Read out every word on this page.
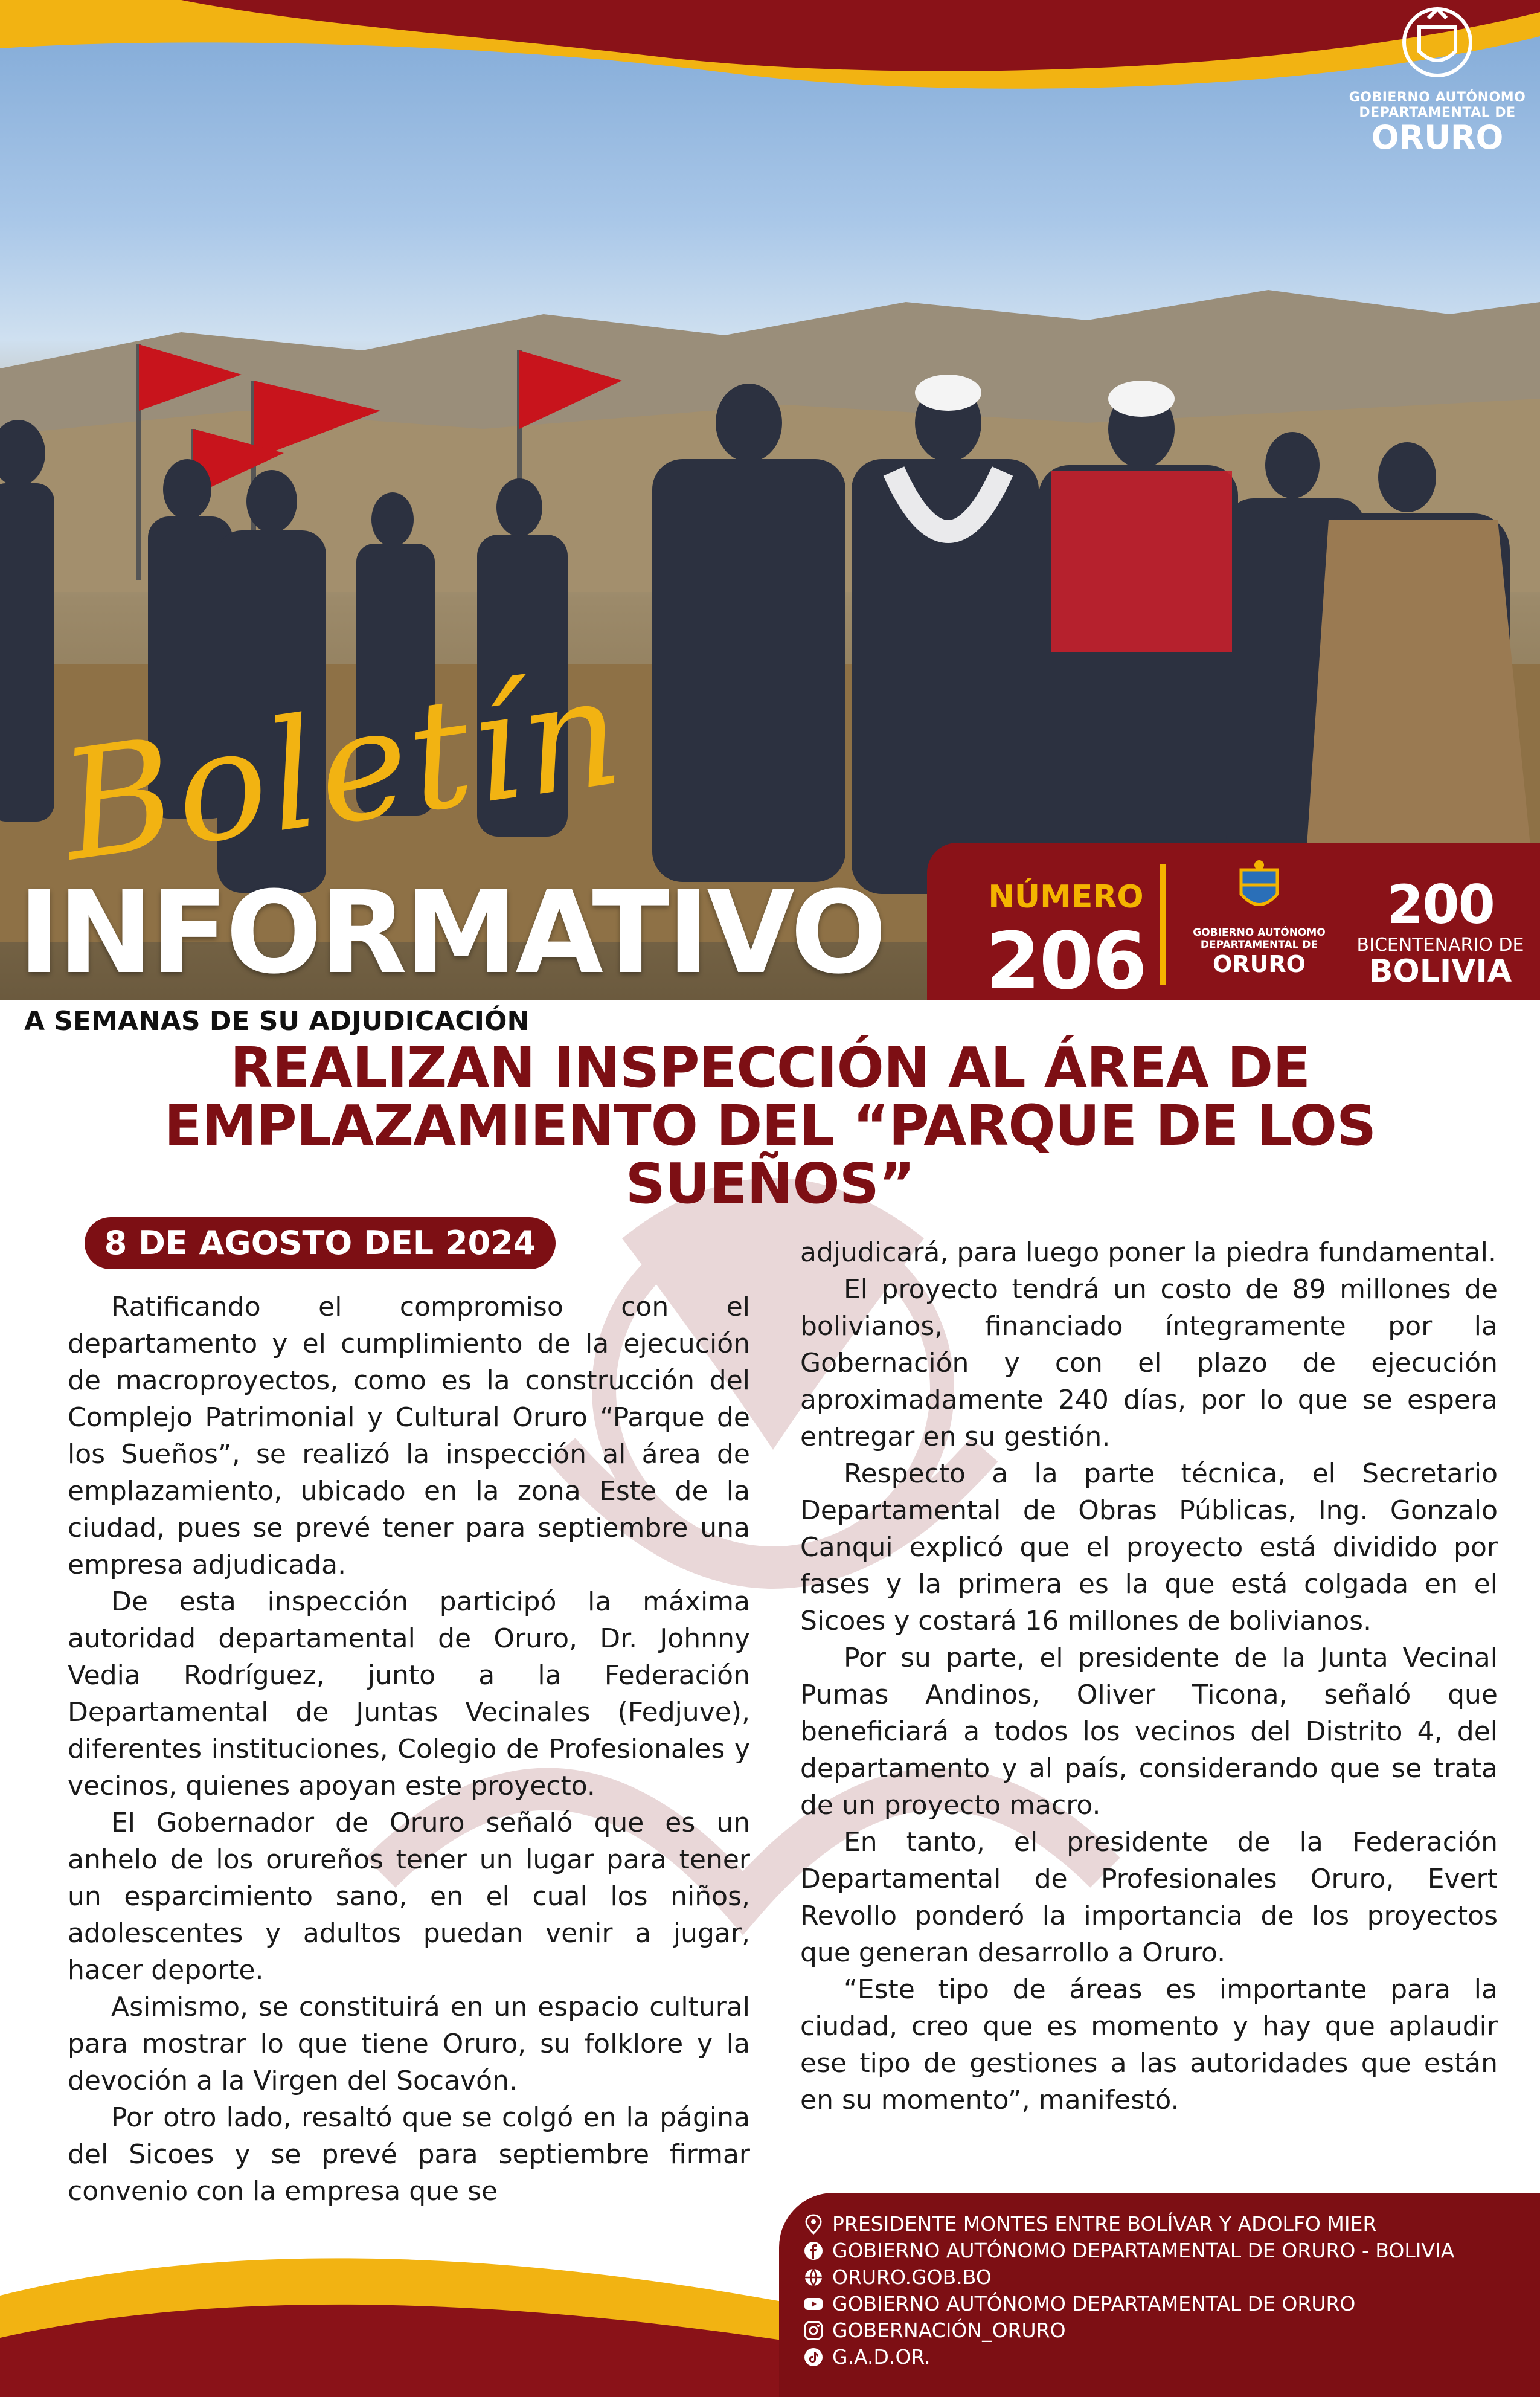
GOBIERNO AUTÓNOMO
DEPARTAMENTAL DE
ORURO
Boletín
INFORMATIVO	NÚMERO
206	GOBIERNO AUTÓNOMO
DEPARTAMENTAL DE
ORURO
200
BICENTENARIO DE
BOLIVIA
A SEMANAS DE SU ADJUDICACIÓN
REALIZAN INSPECCIÓN AL ÁREA DE EMPLAZAMIENTO DEL “PARQUE DE LOS SUEÑOS”
8 DE AGOSTO DEL 2024

Ratificando el compromiso con el departamento y el cumplimiento de la ejecución de macroproyectos, como es la construcción del Complejo Patrimonial y Cultural Oruro “Parque de los Sueños”, se realizó la inspección al área de emplazamiento, ubicado en la zona Este de la ciudad, pues se prevé tener para septiembre una empresa adjudicada.

De esta inspección participó la máxima autoridad departamental de Oruro, Dr. Johnny Vedia Rodríguez, junto a la Federación Departamental de Juntas Vecinales (Fedjuve), diferentes instituciones, Colegio de Profesionales y vecinos, quienes apoyan este proyecto.

El Gobernador de Oruro señaló que es un anhelo de los orureños tener un lugar para tener un esparcimiento sano, en el cual los niños, adolescentes y adultos puedan venir a jugar, hacer deporte.

Asimismo, se constituirá en un espacio cultural para mostrar lo que tiene Oruro, su folklore y la devoción a la Virgen del Socavón.

Por otro lado, resaltó que se colgó en la página del Sicoes y se prevé para septiembre firmar convenio con la empresa que se

adjudicará, para luego poner la piedra fundamental.

El proyecto tendrá un costo de 89 millones de bolivianos, financiado íntegramente por la Gobernación y con el plazo de ejecución aproximadamente 240 días, por lo que se espera entregar en su gestión.

Respecto a la parte técnica, el Secretario Departamental de Obras Públicas, Ing. Gonzalo Canqui explicó que el proyecto está dividido por fases y la primera es la que está colgada en el Sicoes y costará 16 millones de bolivianos.

Por su parte, el presidente de la Junta Vecinal Pumas Andinos, Oliver Ticona, señaló que beneficiará a todos los vecinos del Distrito 4, del departamento y al país, considerando que se trata de un proyecto macro.

En tanto, el presidente de la Federación Departamental de Profesionales Oruro, Evert Revollo ponderó la importancia de los proyectos que generan desarrollo a Oruro.

“Este tipo de áreas es importante para la ciudad, creo que es momento y hay que aplaudir ese tipo de gestiones a las autoridades que están en su momento”, manifestó.

PRESIDENTE MONTES ENTRE BOLÍVAR Y ADOLFO MIER
GOBIERNO AUTÓNOMO DEPARTAMENTAL DE ORURO - BOLIVIA
ORURO.GOB.BO
GOBIERNO AUTÓNOMO DEPARTAMENTAL DE ORURO
GOBERNACIÓN_ORURO
G.A.D.OR.
